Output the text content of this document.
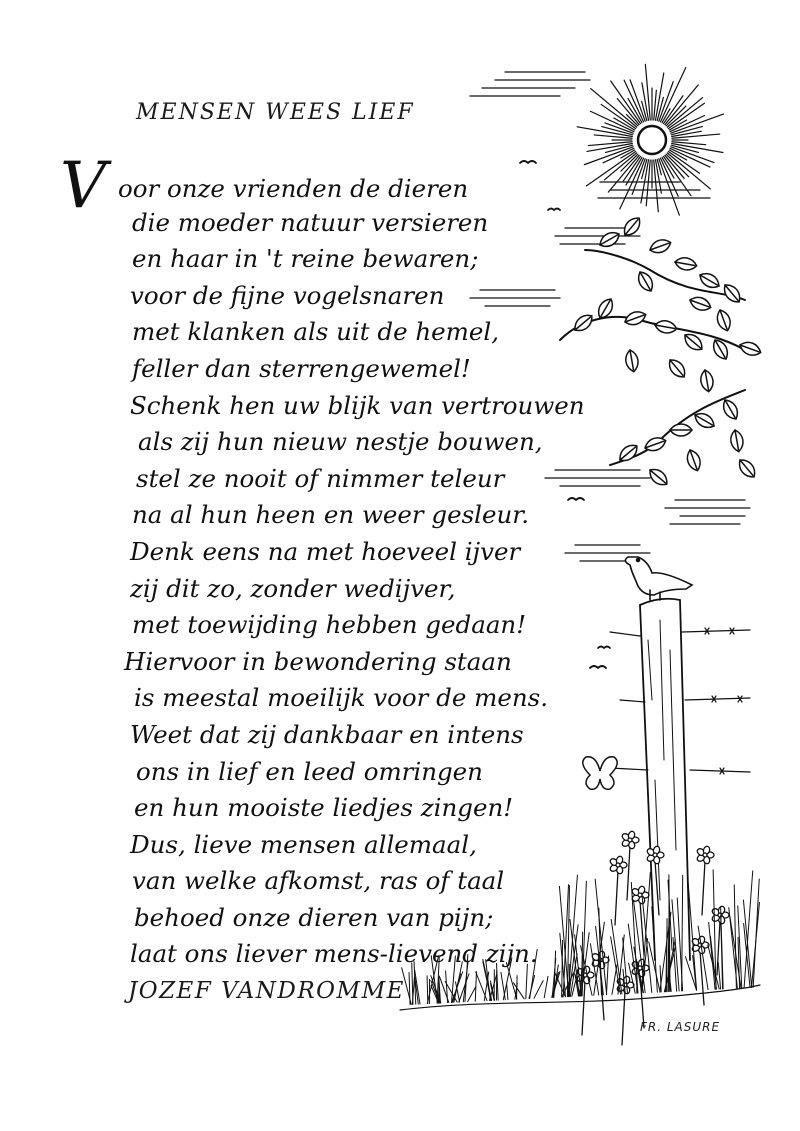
MENSEN WEES LIEF
Voor onze vrienden de dieren
die moeder natuur versieren
en haar in 't reine bewaren;
voor de fijne vogelsnaren
met klanken als uit de hemel,
feller dan sterrengewemel!
Schenk hen uw blijk van vertrouwen
als zij hun nieuw nestje bouwen,
stel ze nooit of nimmer teleur
na al hun heen en weer gesleur.
Denk eens na met hoeveel ijver
zij dit zo, zonder wedijver,
met toewijding hebben gedaan!
Hiervoor in bewondering staan
is meestal moeilijk voor de mens.
Weet dat zij dankbaar en intens
ons in lief en leed omringen
en hun mooiste liedjes zingen!
Dus, lieve mensen allemaal,
van welke afkomst, ras of taal
behoed onze dieren van pijn;
laat ons liever mens-lievend zijn.
JOZEF VANDROMME
FR. LASURE
